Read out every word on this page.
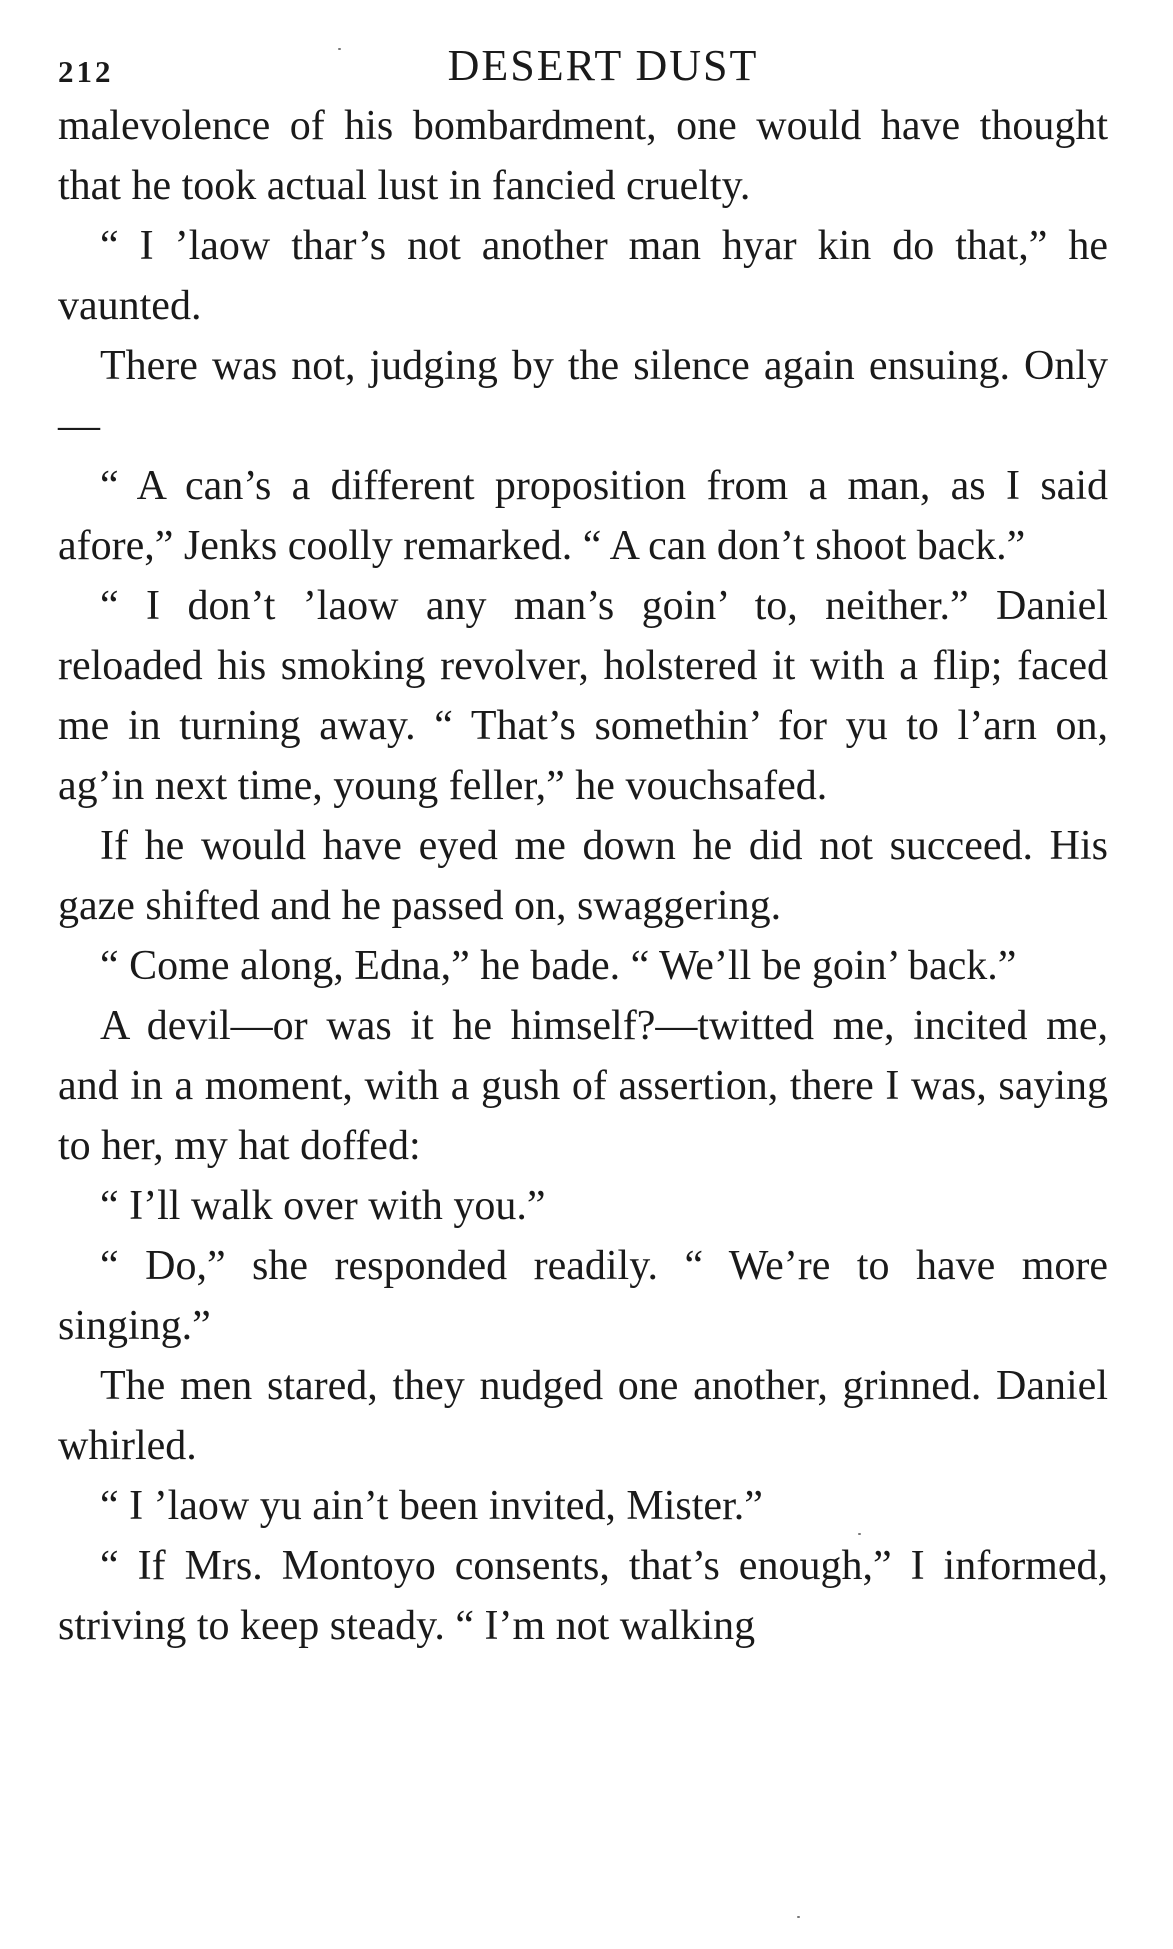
212	DESERT DUST

malevolence of his bombardment, one would have thought that he took actual lust in fancied cruelty.

“ I ’laow thar’s not another man hyar kin do that,” he vaunted.

There was not, judging by the silence again ensuing. Only—

“ A can’s a different proposition from a man, as I said afore,” Jenks coolly remarked. “ A can don’t shoot back.”

“ I don’t ’laow any man’s goin’ to, neither.” Daniel reloaded his smoking revolver, holstered it with a flip; faced me in turning away. “ That’s somethin’ for yu to l’arn on, ag’in next time, young feller,” he vouchsafed.

If he would have eyed me down he did not succeed. His gaze shifted and he passed on, swaggering.

“ Come along, Edna,” he bade. “ We’ll be goin’ back.”

A devil—or was it he himself?—twitted me, incited me, and in a moment, with a gush of assertion, there I was, saying to her, my hat doffed:

“ I’ll walk over with you.”

“ Do,” she responded readily. “ We’re to have more singing.”

The men stared, they nudged one another, grinned. Daniel whirled.

“ I ’laow yu ain’t been invited, Mister.”

“ If Mrs. Montoyo consents, that’s enough,” I informed, striving to keep steady. “ I’m not walking
